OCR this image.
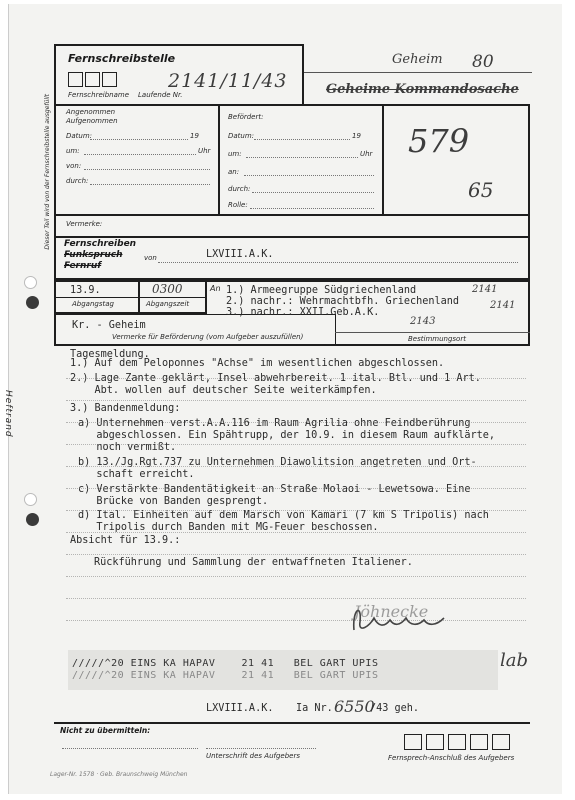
Heftrand
Dieser Teil wird von der Fernschreibstelle ausgefüllt
Fernschreibstelle
Fernschreibname Laufende Nr.
2141/11/43
Geheim 80
Geheime Kommandosache
Angenommen
Aufgenommen
Datum:	19
um:	Uhr
von:
durch:
Befördert:
Datum:	19
um:	Uhr
an:
durch:
Rolle:
579
65
Vermerke:
Fernschreiben
Funkspruch
Fernruf
von	LXVIII.A.K.
13.9.
Abgangstag
0300
Abgangszeit
An 1.) Armeegruppe Südgriechenland
2.) nachr.: Wehrmachtbfh. Griechenland
3.) nachr.: XXII.Geb.A.K.
2141
2141
2143
Bestimmungsort
Kr. - Geheim
Vermerke für Beförderung (vom Aufgeber auszufüllen)
Tagesmeldung.
1.) Auf dem Peloponnes "Achse" im wesentlichen abgeschlossen.
2.) Lage Zante geklärt, Insel abwehrbereit. 1 ital. Btl. und 1 Art.
Abt. wollen auf deutscher Seite weiterkämpfen.
3.) Bandenmeldung:
a) Unternehmen verst.A.A.116 im Raum Agrilia ohne Feindberührung
abgeschlossen. Ein Spähtrupp, der 10.9. in diesem Raum aufklärte,
noch vermißt.
b) 13./Jg.Rgt.737 zu Unternehmen Diawolitsion angetreten und Ort-
schaft erreicht.
c) Verstärkte Bandentätigkeit an Straße Molaoi - Lewetsowa. Eine
Brücke von Banden gesprengt.
d) Ital. Einheiten auf dem Marsch von Kamari (7 km S Tripolis) nach
Tripolis durch Banden mit MG-Feuer beschossen.
Absicht für 13.9.:
Rückführung und Sammlung der entwaffneten Italiener.
Jöhnecke
/////^20 EINS KA HAPAV    21 41   BEL GART UPIS
/////^20 EINS KA HAPAV    21 41   BEL GART UPIS
lab
LXVIII.A.K. Ia Nr. 6550
/43 geh.
Nicht zu übermitteln:
Unterschrift des Aufgebers	Fernsprech-Anschluß des Aufgebers
Lager-Nr. 1578 · Geb. Braunschweig München
